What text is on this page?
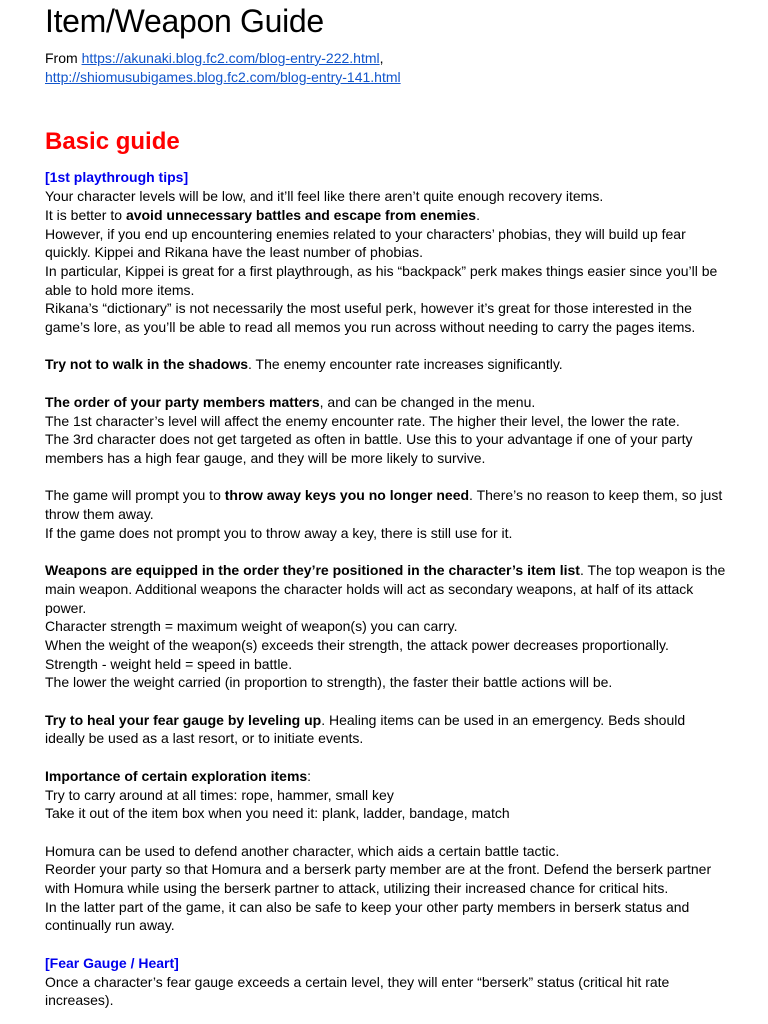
Item/Weapon Guide
From https://akunaki.blog.fc2.com/blog-entry-222.html,
http://shiomusubigames.blog.fc2.com/blog-entry-141.html
Basic guide
[1st playthrough tips]
Your character levels will be low, and it’ll feel like there aren’t quite enough recovery items.
It is better to avoid unnecessary battles and escape from enemies.
However, if you end up encountering enemies related to your characters’ phobias, they will build up fear quickly. Kippei and Rikana have the least number of phobias.
In particular, Kippei is great for a first playthrough, as his “backpack” perk makes things easier since you’ll be able to hold more items.
Rikana’s “dictionary” is not necessarily the most useful perk, however it’s great for those interested in the game’s lore, as you’ll be able to read all memos you run across without needing to carry the pages items.
Try not to walk in the shadows. The enemy encounter rate increases significantly.
The order of your party members matters, and can be changed in the menu.
The 1st character’s level will affect the enemy encounter rate. The higher their level, the lower the rate.
The 3rd character does not get targeted as often in battle. Use this to your advantage if one of your party members has a high fear gauge, and they will be more likely to survive.
The game will prompt you to throw away keys you no longer need. There’s no reason to keep them, so just throw them away.
If the game does not prompt you to throw away a key, there is still use for it.
Weapons are equipped in the order they’re positioned in the character’s item list. The top weapon is the main weapon. Additional weapons the character holds will act as secondary weapons, at half of its attack power.
Character strength = maximum weight of weapon(s) you can carry.
When the weight of the weapon(s) exceeds their strength, the attack power decreases proportionally.
Strength - weight held = speed in battle.
The lower the weight carried (in proportion to strength), the faster their battle actions will be.
Try to heal your fear gauge by leveling up. Healing items can be used in an emergency. Beds should ideally be used as a last resort, or to initiate events.
Importance of certain exploration items:
Try to carry around at all times: rope, hammer, small key
Take it out of the item box when you need it: plank, ladder, bandage, match
Homura can be used to defend another character, which aids a certain battle tactic.
Reorder your party so that Homura and a berserk party member are at the front. Defend the berserk partner with Homura while using the berserk partner to attack, utilizing their increased chance for critical hits.
In the latter part of the game, it can also be safe to keep your other party members in berserk status and continually run away.
[Fear Gauge / Heart]
Once a character’s fear gauge exceeds a certain level, they will enter “berserk” status (critical hit rate increases).
